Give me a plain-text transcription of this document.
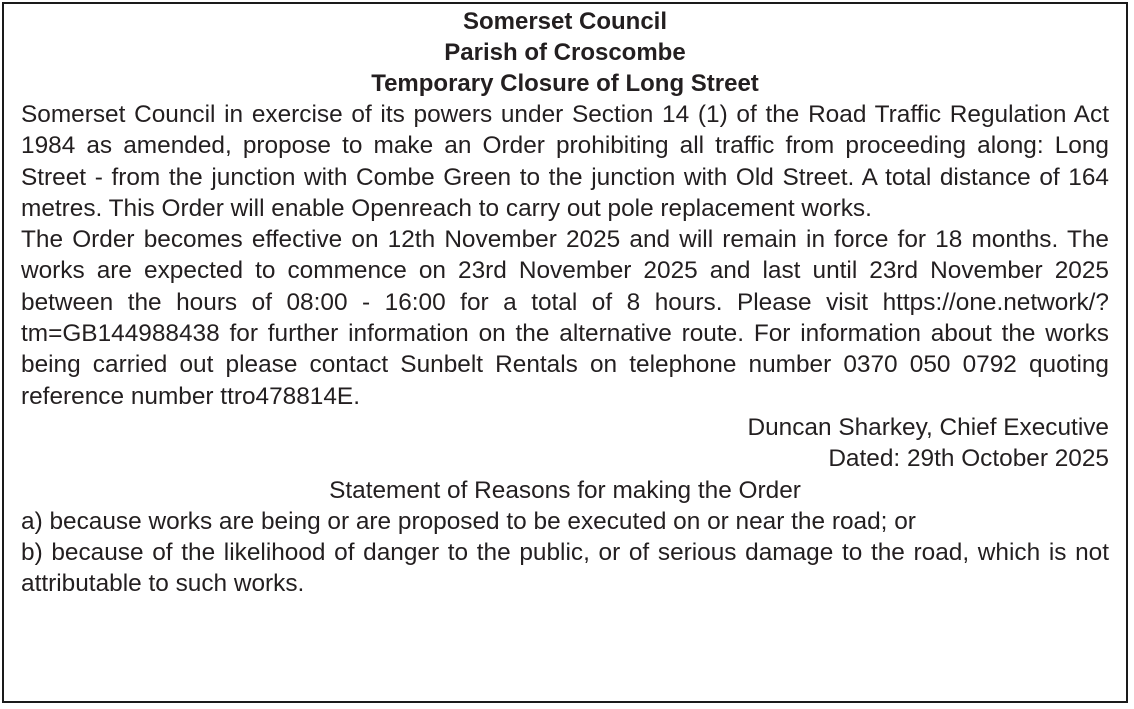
Somerset Council

Parish of Croscombe

Temporary Closure of Long Street

Somerset Council in exercise of its powers under Section 14 (1) of the Road Traffic Regulation Act 1984 as amended, propose to make an Order prohibiting all traffic from proceeding along: Long Street - from the junction with Combe Green to the junction with Old Street. A total distance of 164 metres. This Order will enable Openreach to carry out pole replacement works.

The Order becomes effective on 12th November 2025 and will remain in force for 18 months. The works are expected to commence on 23rd November 2025 and last until 23rd November 2025 between the hours of 08:00 - 16:00 for a total of 8 hours. Please visit https://one.network/?tm=GB144988438 for further information on the alternative route. For information about the works being carried out please contact Sunbelt Rentals on telephone number 0370 050 0792 quoting reference number ttro478814E.

Duncan Sharkey, Chief Executive

Dated: 29th October 2025

Statement of Reasons for making the Order

a) because works are being or are proposed to be executed on or near the road; or

b) because of the likelihood of danger to the public, or of serious damage to the road, which is not attributable to such works.
